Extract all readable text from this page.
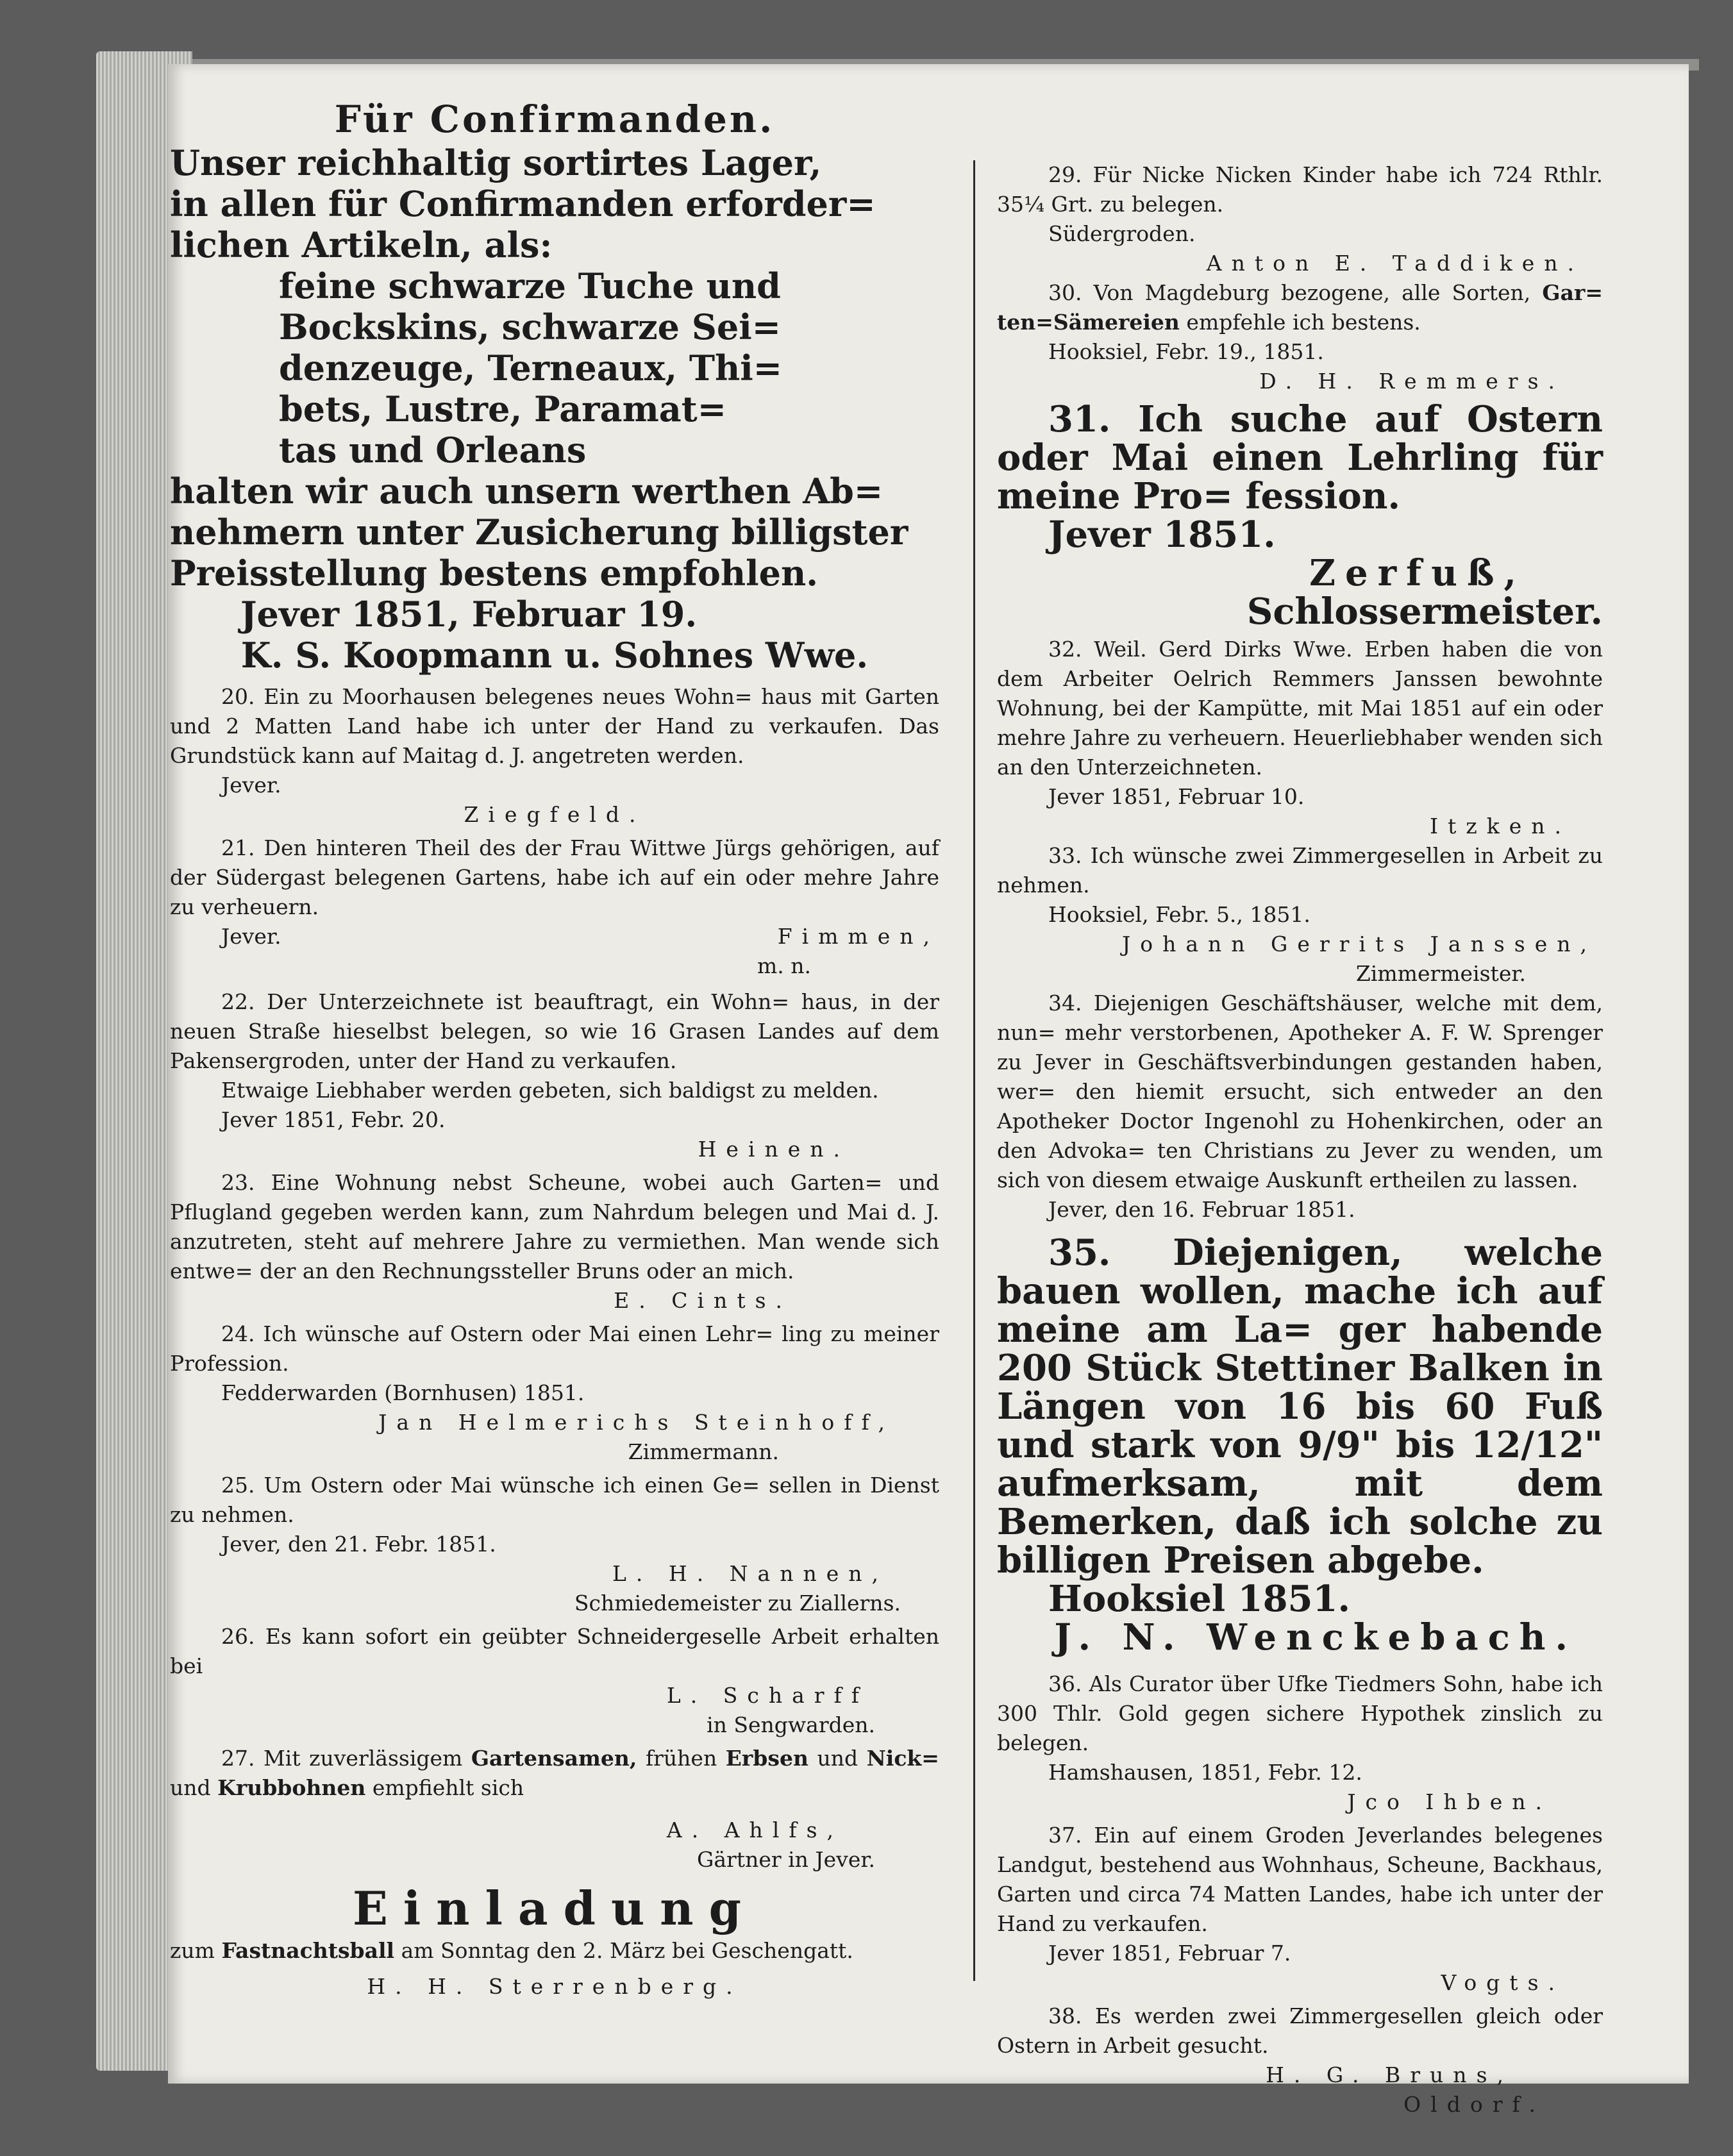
Für Confirmanden.

Unser reichhaltig sortirtes Lager,

in allen für Confirmanden erforder=

lichen Artikeln, als:

feine schwarze Tuche und

Bockskins, schwarze Sei=

denzeuge, Terneaux, Thi=

bets, Lustre, Paramat=

tas und Orleans

halten wir auch unsern werthen Ab=

nehmern unter Zusicherung billigster

Preisstellung bestens empfohlen.

Jever 1851, Februar 19.

K. S. Koopmann u. Sohnes Wwe.

20. Ein zu Moorhausen belegenes neues Wohn= haus mit Garten und 2 Matten Land habe ich unter der Hand zu verkaufen. Das Grundstück kann auf Maitag d. J. angetreten werden.

Jever.

Ziegfeld.

21. Den hinteren Theil des der Frau Wittwe Jürgs gehörigen, auf der Südergast belegenen Gartens, habe ich auf ein oder mehre Jahre zu verheuern.

Jever.	Fimmen,

m. n.

22. Der Unterzeichnete ist beauftragt, ein Wohn= haus, in der neuen Straße hieselbst belegen, so wie 16 Grasen Landes auf dem Pakensergroden, unter der Hand zu verkaufen.

Etwaige Liebhaber werden gebeten, sich baldigst zu melden.

Jever 1851, Febr. 20.

Heinen.

23. Eine Wohnung nebst Scheune, wobei auch Garten= und Pflugland gegeben werden kann, zum Nahrdum belegen und Mai d. J. anzutreten, steht auf mehrere Jahre zu vermiethen. Man wende sich entwe= der an den Rechnungssteller Bruns oder an mich.

E. Cints.

24. Ich wünsche auf Ostern oder Mai einen Lehr= ling zu meiner Profession.

Fedderwarden (Bornhusen) 1851.

Jan Helmerichs Steinhoff,

Zimmermann.

25. Um Ostern oder Mai wünsche ich einen Ge= sellen in Dienst zu nehmen.

Jever, den 21. Febr. 1851.

L. H. Nannen,

Schmiedemeister zu Ziallerns.

26. Es kann sofort ein geübter Schneidergeselle Arbeit erhalten bei

L. Scharff

in Sengwarden.

27. Mit zuverlässigem Gartensamen, frühen Erbsen und Nick= und Krubbohnen empfiehlt sich

A. Ahlfs,

Gärtner in Jever.

Einladung

zum Fastnachtsball am Sonntag den 2. März bei Geschengatt.

H. H. Sterrenberg.

29. Für Nicke Nicken Kinder habe ich 724 Rthlr. 35¼ Grt. zu belegen.

Südergroden.

Anton E. Taddiken.

30. Von Magdeburg bezogene, alle Sorten, Gar= ten=Sämereien empfehle ich bestens.

Hooksiel, Febr. 19., 1851.

D. H. Remmers.

31. Ich suche auf Ostern oder Mai einen Lehrling für meine Pro= fession.

Jever 1851.

Zerfuß,

Schlossermeister.

32. Weil. Gerd Dirks Wwe. Erben haben die von dem Arbeiter Oelrich Remmers Janssen bewohnte Wohnung, bei der Kampütte, mit Mai 1851 auf ein oder mehre Jahre zu verheuern. Heuerliebhaber wenden sich an den Unterzeichneten.

Jever 1851, Februar 10.

Itzken.

33. Ich wünsche zwei Zimmergesellen in Arbeit zu nehmen.

Hooksiel, Febr. 5., 1851.

Johann Gerrits Janssen,

Zimmermeister.

34. Diejenigen Geschäftshäuser, welche mit dem, nun= mehr verstorbenen, Apotheker A. F. W. Sprenger zu Jever in Geschäftsverbindungen gestanden haben, wer= den hiemit ersucht, sich entweder an den Apotheker Doctor Ingenohl zu Hohenkirchen, oder an den Advoka= ten Christians zu Jever zu wenden, um sich von diesem etwaige Auskunft ertheilen zu lassen.

Jever, den 16. Februar 1851.

35. Diejenigen, welche bauen wollen, mache ich auf meine am La= ger habende 200 Stück Stettiner Balken in Längen von 16 bis 60 Fuß und stark von 9/9" bis 12/12" aufmerksam, mit dem Bemerken, daß ich solche zu billigen Preisen abgebe.

Hooksiel 1851.

J. N. Wenckebach.

36. Als Curator über Ufke Tiedmers Sohn, habe ich 300 Thlr. Gold gegen sichere Hypothek zinslich zu belegen.

Hamshausen, 1851, Febr. 12.

Jco Ihben.

37. Ein auf einem Groden Jeverlandes belegenes Landgut, bestehend aus Wohnhaus, Scheune, Backhaus, Garten und circa 74 Matten Landes, habe ich unter der Hand zu verkaufen.

Jever 1851, Februar 7.

Vogts.

38. Es werden zwei Zimmergesellen gleich oder Ostern in Arbeit gesucht.

H. G. Bruns,

Oldorf.
